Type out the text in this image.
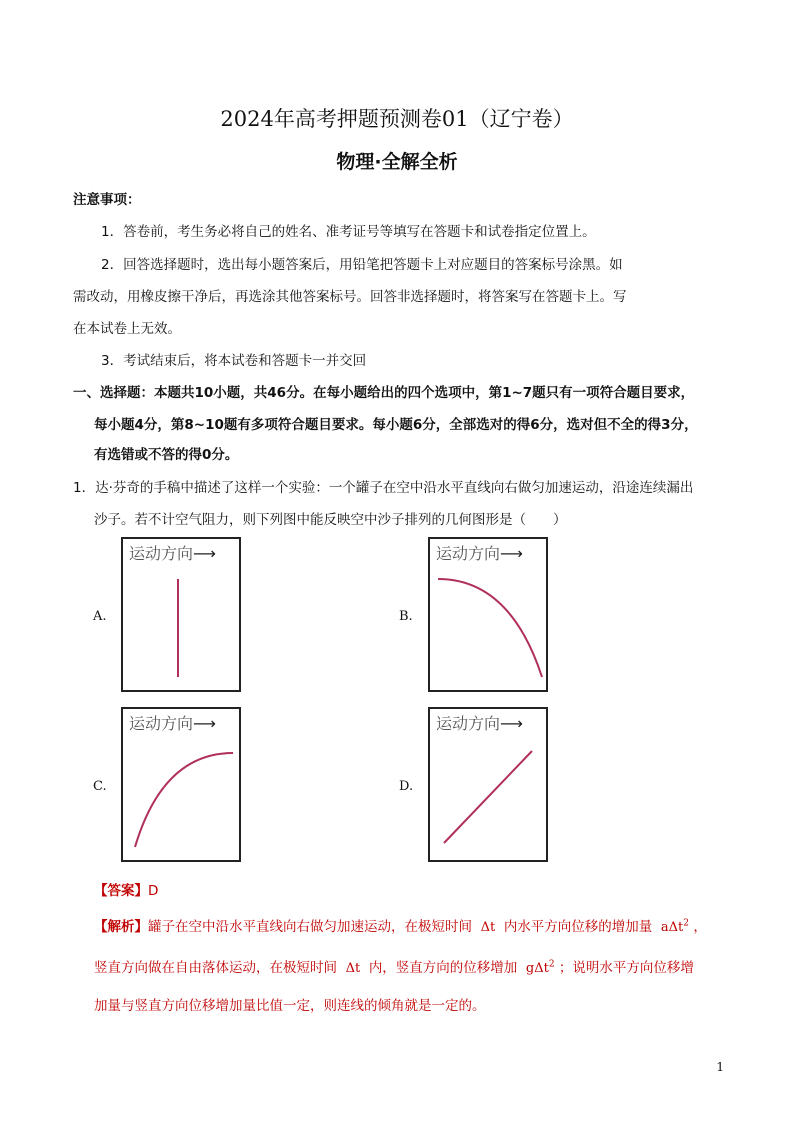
2024年高考押题预测卷01（辽宁卷）
物理·全解全析
注意事项：
1．答卷前，考生务必将自己的姓名、准考证号等填写在答题卡和试卷指定位置上。
2．回答选择题时，选出每小题答案后，用铅笔把答题卡上对应题目的答案标号涂黑。如
需改动，用橡皮擦干净后，再选涂其他答案标号。回答非选择题时，将答案写在答题卡上。写
在本试卷上无效。
3．考试结束后，将本试卷和答题卡一并交回
一、选择题：本题共10小题，共46分。在每小题给出的四个选项中，第1~7题只有一项符合题目要求，
每小题4分，第8~10题有多项符合题目要求。每小题6分，全部选对的得6分，选对但不全的得3分，
有选错或不答的得0分。
1．达·芬奇的手稿中描述了这样一个实验：一个罐子在空中沿水平直线向右做匀加速运动，沿途连续漏出
沙子。若不计空气阻力，则下列图中能反映空中沙子排列的几何图形是（　　）
A.
运动方向⟶
B.
运动方向⟶
C.
运动方向⟶
D.
运动方向⟶
【答案】D
【解析】罐子在空中沿水平直线向右做匀加速运动，在极短时间 Δt 内水平方向位移的增加量 aΔt$^2$ ，
竖直方向做在自由落体运动，在极短时间 Δt 内，竖直方向的位移增加 gΔt$^2$ ；说明水平方向位移增
加量与竖直方向位移增加量比值一定，则连线的倾角就是一定的。
1
